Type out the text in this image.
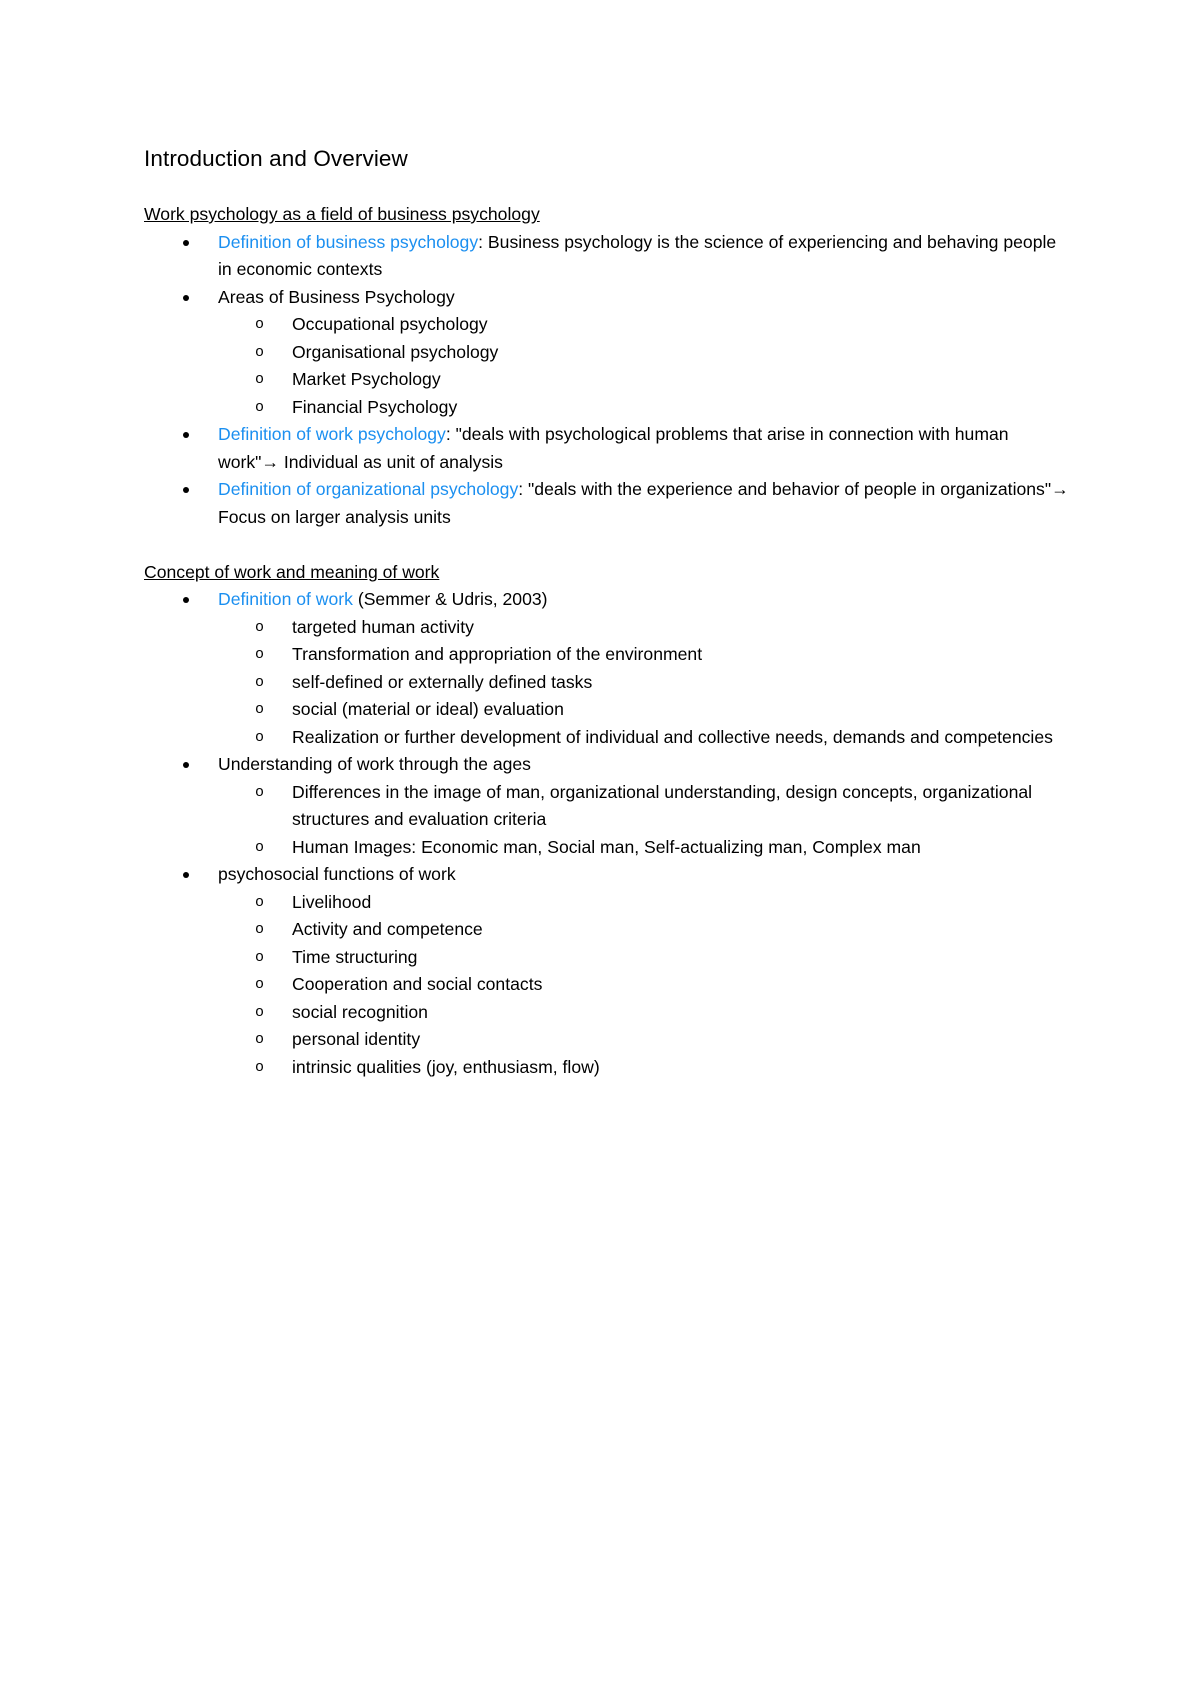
Introduction and Overview
Work psychology as a field of business psychology
Definition of business psychology: Business psychology is the science of experiencing and behaving people in economic contexts
Areas of Business Psychology
o Occupational psychology
o Organisational psychology
o Market Psychology
o Financial Psychology
Definition of work psychology: "deals with psychological problems that arise in connection with human work"→ Individual as unit of analysis
Definition of organizational psychology: "deals with the experience and behavior of people in organizations"→ Focus on larger analysis units
Concept of work and meaning of work
Definition of work (Semmer & Udris, 2003)
o targeted human activity
o Transformation and appropriation of the environment
o self-defined or externally defined tasks
o social (material or ideal) evaluation
o Realization or further development of individual and collective needs, demands and competencies
Understanding of work through the ages
o Differences in the image of man, organizational understanding, design concepts, organizational structures and evaluation criteria
o Human Images: Economic man, Social man, Self-actualizing man, Complex man
psychosocial functions of work
o Livelihood
o Activity and competence
o Time structuring
o Cooperation and social contacts
o social recognition
o personal identity
o intrinsic qualities (joy, enthusiasm, flow)
